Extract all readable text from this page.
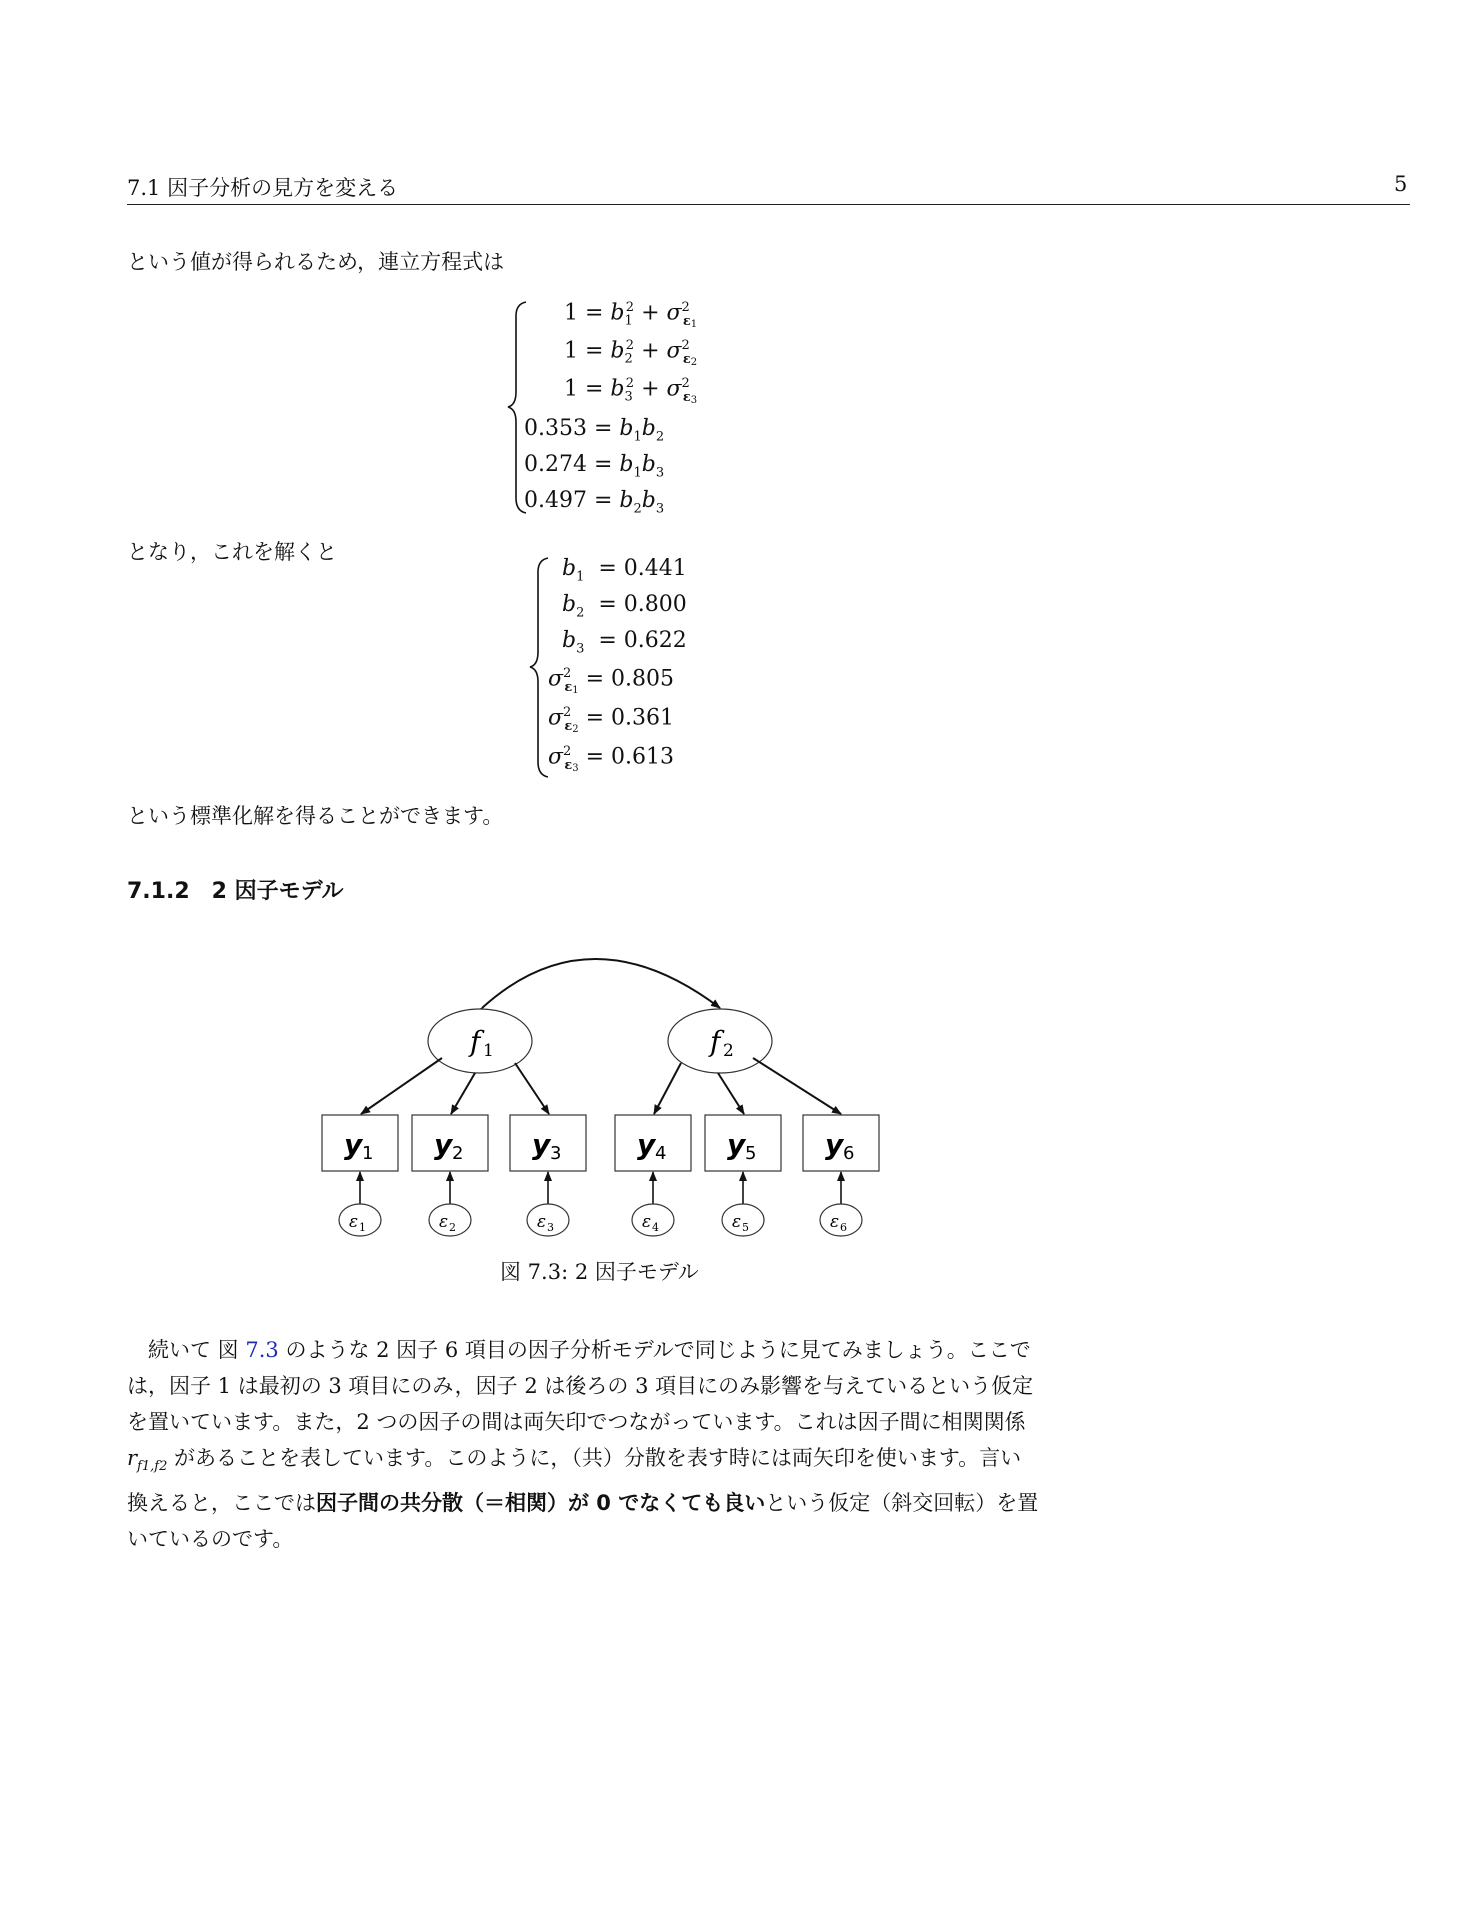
7.1 因子分析の見方を変える	5
という値が得られるため，連立方程式は
$1 = b_1^2 + \sigma^2_{\varepsilon 1}$
$1 = b_2^2 + \sigma^2_{\varepsilon 2}$
$1 = b_3^2 + \sigma^2_{\varepsilon 3}$
$0.353 = b_1b_2$
$0.274 = b_1b_3$
$0.497 = b_2b_3$
となり，これを解くと
$b_1 = 0.441$
$b_2 = 0.800$
$b_3 = 0.622$
$\sigma^2_{\varepsilon 1} = 0.805$
$\sigma^2_{\varepsilon 2} = 0.361$
$\sigma^2_{\varepsilon 3} = 0.613$
という標準化解を得ることができます。
7.1.2　2 因子モデル
f 1	f 2
y 1 y 2 y 3	y 4 y 5 y 6
ε 1	ε 2	ε 3	ε 4	ε 5	ε 6
図 7.3: 2 因子モデル
　続いて 図 7.3 のような 2 因子 6 項目の因子分析モデルで同じように見てみましょう。ここで
は，因子 1 は最初の 3 項目にのみ，因子 2 は後ろの 3 項目にのみ影響を与えているという仮定
を置いています。また，2 つの因子の間は両矢印でつながっています。これは因子間に相関関係
$r_{f1,f2}$ があることを表しています。このように，（共）分散を表す時には両矢印を使います。言い
換えると，ここでは因子間の共分散（＝相関）が 0 でなくても良いという仮定（斜交回転）を置
いているのです。
